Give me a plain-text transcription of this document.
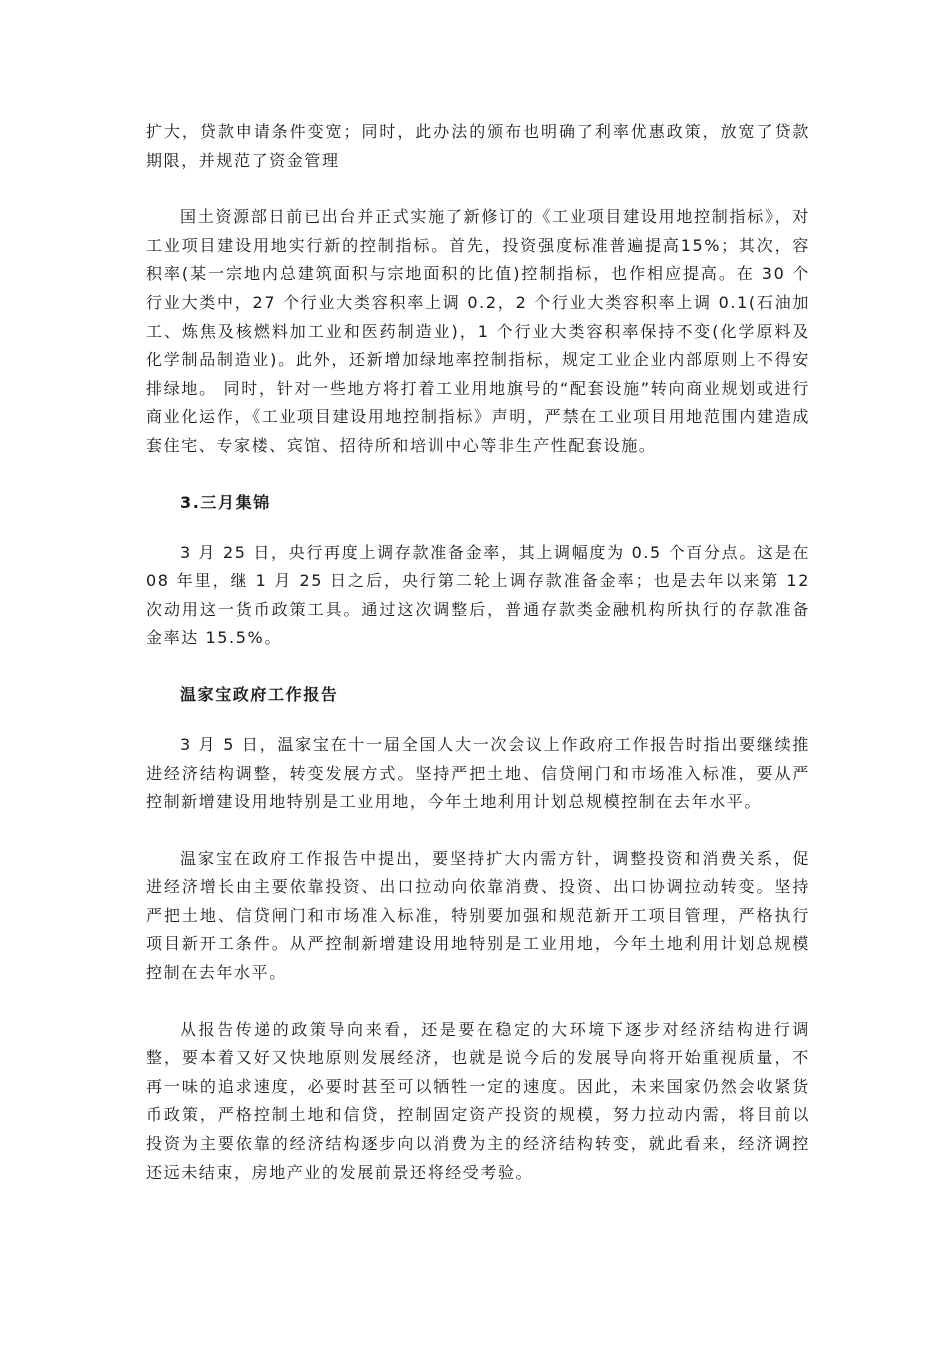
扩大，贷款申请条件变宽；同时，此办法的颁布也明确了利率优惠政策，放宽了贷款期限，并规范了资金管理

国土资源部日前已出台并正式实施了新修订的《工业项目建设用地控制指标》，对工业项目建设用地实行新的控制指标。首先，投资强度标准普遍提高15%；其次，容积率(某一宗地内总建筑面积与宗地面积的比值)控制指标，也作相应提高。在 30 个行业大类中，27 个行业大类容积率上调 0.2，2 个行业大类容积率上调 0.1(石油加工、炼焦及核燃料加工业和医药制造业)，1 个行业大类容积率保持不变(化学原料及化学制品制造业)。此外，还新增加绿地率控制指标，规定工业企业内部原则上不得安排绿地。 同时，针对一些地方将打着工业用地旗号的“配套设施”转向商业规划或进行商业化运作，《工业项目建设用地控制指标》声明，严禁在工业项目用地范围内建造成套住宅、专家楼、宾馆、招待所和培训中心等非生产性配套设施。

3.三月集锦

3 月 25 日，央行再度上调存款准备金率，其上调幅度为 0.5 个百分点。这是在 08 年里，继 1 月 25 日之后，央行第二轮上调存款准备金率；也是去年以来第 12 次动用这一货币政策工具。通过这次调整后，普通存款类金融机构所执行的存款准备金率达 15.5%。

温家宝政府工作报告

3 月 5 日，温家宝在十一届全国人大一次会议上作政府工作报告时指出要继续推进经济结构调整，转变发展方式。坚持严把土地、信贷闸门和市场准入标准，要从严控制新增建设用地特别是工业用地，今年土地利用计划总规模控制在去年水平。

温家宝在政府工作报告中提出，要坚持扩大内需方针，调整投资和消费关系，促进经济增长由主要依靠投资、出口拉动向依靠消费、投资、出口协调拉动转变。坚持严把土地、信贷闸门和市场准入标准，特别要加强和规范新开工项目管理，严格执行项目新开工条件。从严控制新增建设用地特别是工业用地，今年土地利用计划总规模控制在去年水平。

从报告传递的政策导向来看，还是要在稳定的大环境下逐步对经济结构进行调整，要本着又好又快地原则发展经济，也就是说今后的发展导向将开始重视质量，不再一味的追求速度，必要时甚至可以牺牲一定的速度。因此，未来国家仍然会收紧货币政策，严格控制土地和信贷，控制固定资产投资的规模，努力拉动内需，将目前以投资为主要依靠的经济结构逐步向以消费为主的经济结构转变，就此看来，经济调控还远未结束，房地产业的发展前景还将经受考验。
